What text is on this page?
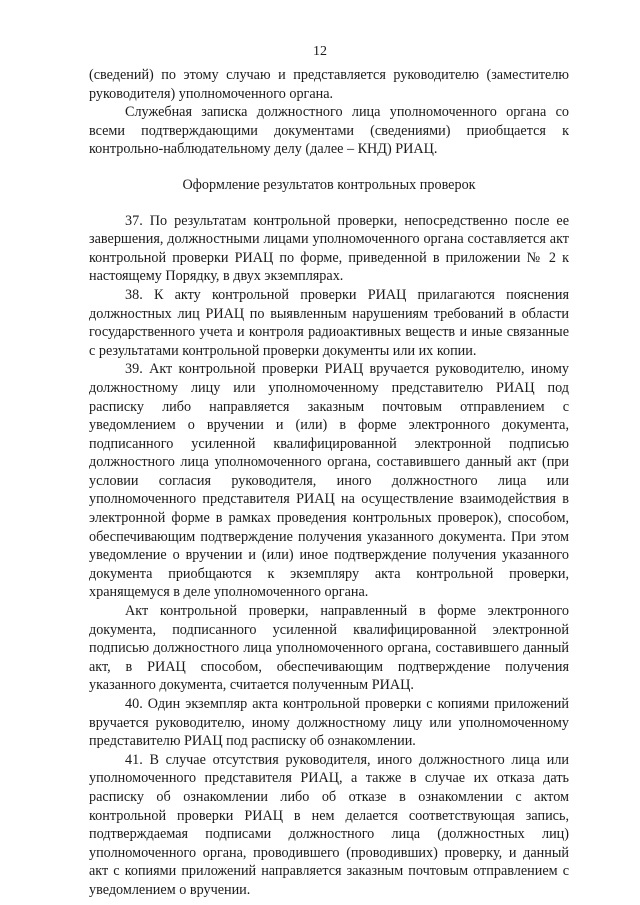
12

(сведений) по этому случаю и представляется руководителю (заместителю руководителя) уполномоченного органа.

Служебная записка должностного лица уполномоченного органа со всеми подтверждающими документами (сведениями) приобщается к контрольно-наблюдательному делу (далее – КНД) РИАЦ.

Оформление результатов контрольных проверок

37. По результатам контрольной проверки, непосредственно после ее завершения, должностными лицами уполномоченного органа составляется акт контрольной проверки РИАЦ по форме, приведенной в приложении № 2 к настоящему Порядку, в двух экземплярах.

38. К акту контрольной проверки РИАЦ прилагаются пояснения должностных лиц РИАЦ по выявленным нарушениям требований в области государственного учета и контроля радиоактивных веществ и иные связанные с результатами контрольной проверки документы или их копии.

39. Акт контрольной проверки РИАЦ вручается руководителю, иному должностному лицу или уполномоченному представителю РИАЦ под расписку либо направляется заказным почтовым отправлением с уведомлением о вручении и (или) в форме электронного документа, подписанного усиленной квалифицированной электронной подписью должностного лица уполномоченного органа, составившего данный акт (при условии согласия руководителя, иного должностного лица или уполномоченного представителя РИАЦ на осуществление взаимодействия в электронной форме в рамках проведения контрольных проверок), способом, обеспечивающим подтверждение получения указанного документа. При этом уведомление о вручении и (или) иное подтверждение получения указанного документа приобщаются к экземпляру акта контрольной проверки, хранящемуся в деле уполномоченного органа.

Акт контрольной проверки, направленный в форме электронного документа, подписанного усиленной квалифицированной электронной подписью должностного лица уполномоченного органа, составившего данный акт, в РИАЦ способом, обеспечивающим подтверждение получения указанного документа, считается полученным РИАЦ.

40. Один экземпляр акта контрольной проверки с копиями приложений вручается руководителю, иному должностному лицу или уполномоченному представителю РИАЦ под расписку об ознакомлении.

41. В случае отсутствия руководителя, иного должностного лица или уполномоченного представителя РИАЦ, а также в случае их отказа дать расписку об ознакомлении либо об отказе в ознакомлении с актом контрольной проверки РИАЦ в нем делается соответствующая запись, подтверждаемая подписами должностного лица (должностных лиц) уполномоченного органа, проводившего (проводивших) проверку, и данный акт с копиями приложений направляется заказным почтовым отправлением с уведомлением о вручении.
